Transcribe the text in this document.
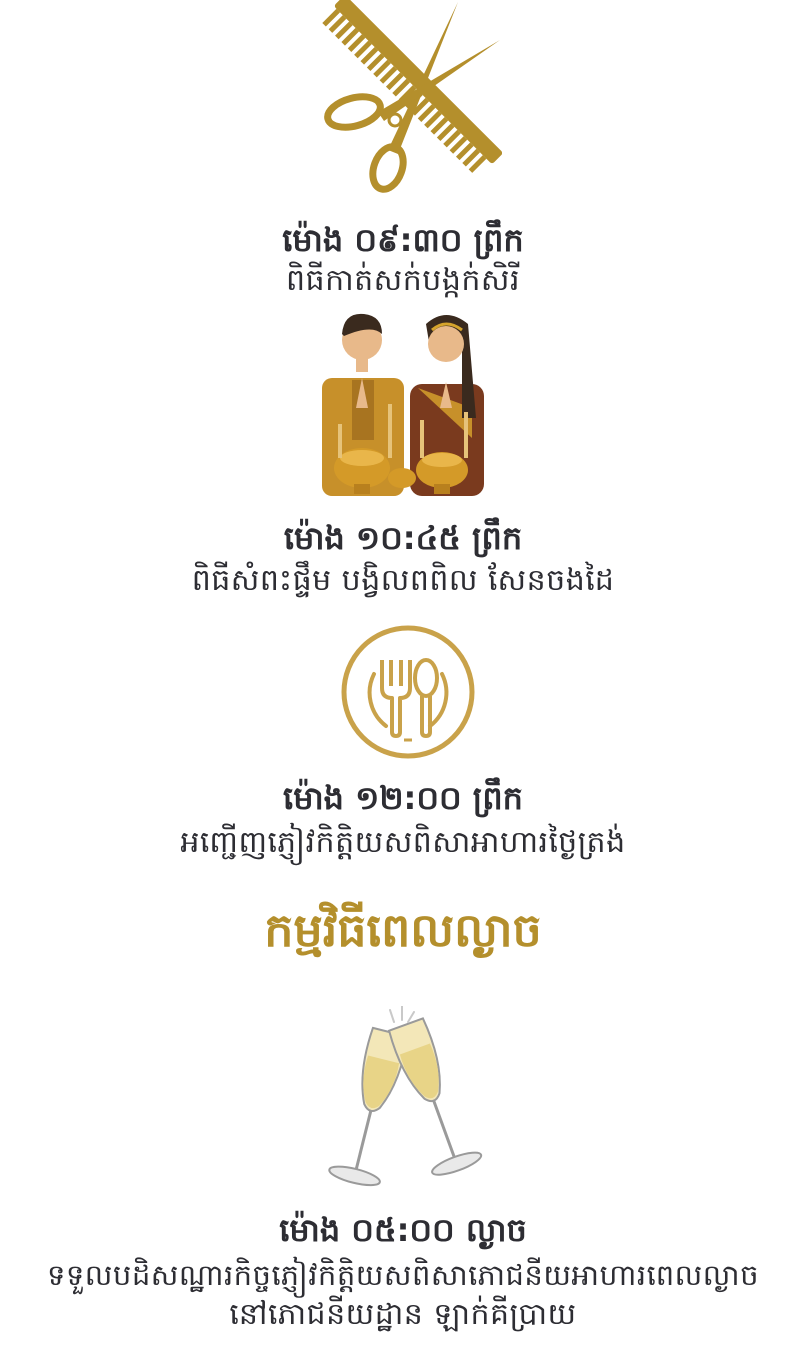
ម៉ោង ០៩:៣០ ព្រឹក
ពិធីកាត់សក់បង្កក់សិរី
ម៉ោង ១០:៤៥ ព្រឹក
ពិធីសំពះផ្ទឹម បង្វិលពពិល សែនចងដៃ
ម៉ោង ១២:០០ ព្រឹក
អញ្ជើញភ្ញៀវកិត្តិយសពិសាអាហារថ្ងៃត្រង់
កម្មវិធីពេលល្ងាច
ម៉ោង ០៥:០០ ល្ងាច
ទទួលបដិសណ្ឋារកិច្ចភ្ញៀវកិត្តិយសពិសាភោជនីយអាហារពេលល្ងាច
នៅភោជនីយដ្ឋាន ឡាក់គីប្រាយ
